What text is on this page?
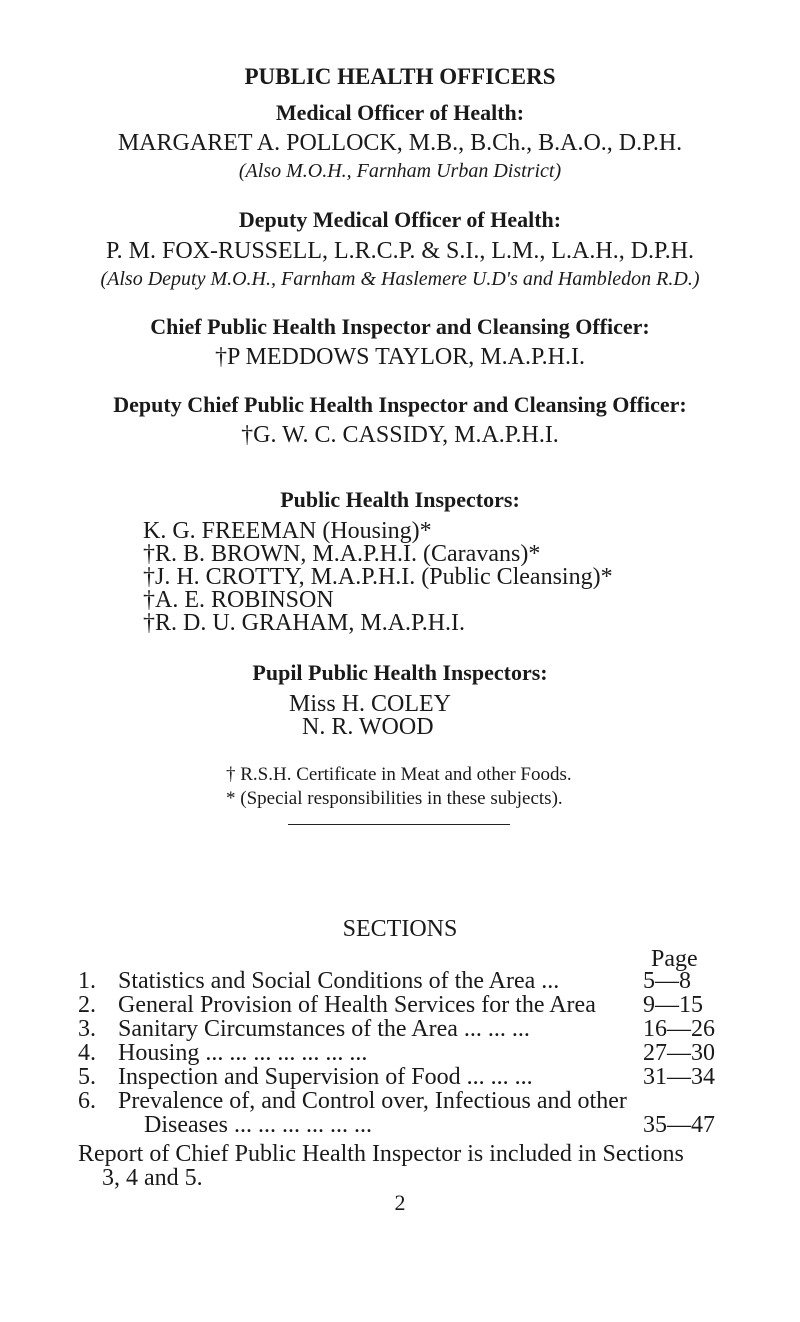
PUBLIC HEALTH OFFICERS
Medical Officer of Health:
MARGARET A. POLLOCK, M.B., B.Ch., B.A.O., D.P.H.
(Also M.O.H., Farnham Urban District)
Deputy Medical Officer of Health:
P. M. FOX-RUSSELL, L.R.C.P. & S.I., L.M., L.A.H., D.P.H.
(Also Deputy M.O.H., Farnham & Haslemere U.D's and Hambledon R.D.)
Chief Public Health Inspector and Cleansing Officer:
†P MEDDOWS TAYLOR, M.A.P.H.I.
Deputy Chief Public Health Inspector and Cleansing Officer:
†G. W. C. CASSIDY, M.A.P.H.I.
Public Health Inspectors:
K. G. FREEMAN (Housing)*
†R. B. BROWN, M.A.P.H.I. (Caravans)*
†J. H. CROTTY, M.A.P.H.I. (Public Cleansing)*
†A. E. ROBINSON
†R. D. U. GRAHAM, M.A.P.H.I.
Pupil Public Health Inspectors:
Miss H. COLEY
N. R. WOOD
† R.S.H. Certificate in Meat and other Foods.
* (Special responsibilities in these subjects).
SECTIONS
Page
1. Statistics and Social Conditions of the Area ...	5—8
2. General Provision of Health Services for the Area 9—15
3. Sanitary Circumstances of the Area ... ... ...	16—26
4. Housing ... ... ... ... ... ... ...	27—30
5. Inspection and Supervision of Food ... ... ...	31—34
6. Prevalence of, and Control over, Infectious and other
Diseases ... ... ... ... ... ...	35—47
Report of Chief Public Health Inspector is included in Sections
3, 4 and 5.
2
